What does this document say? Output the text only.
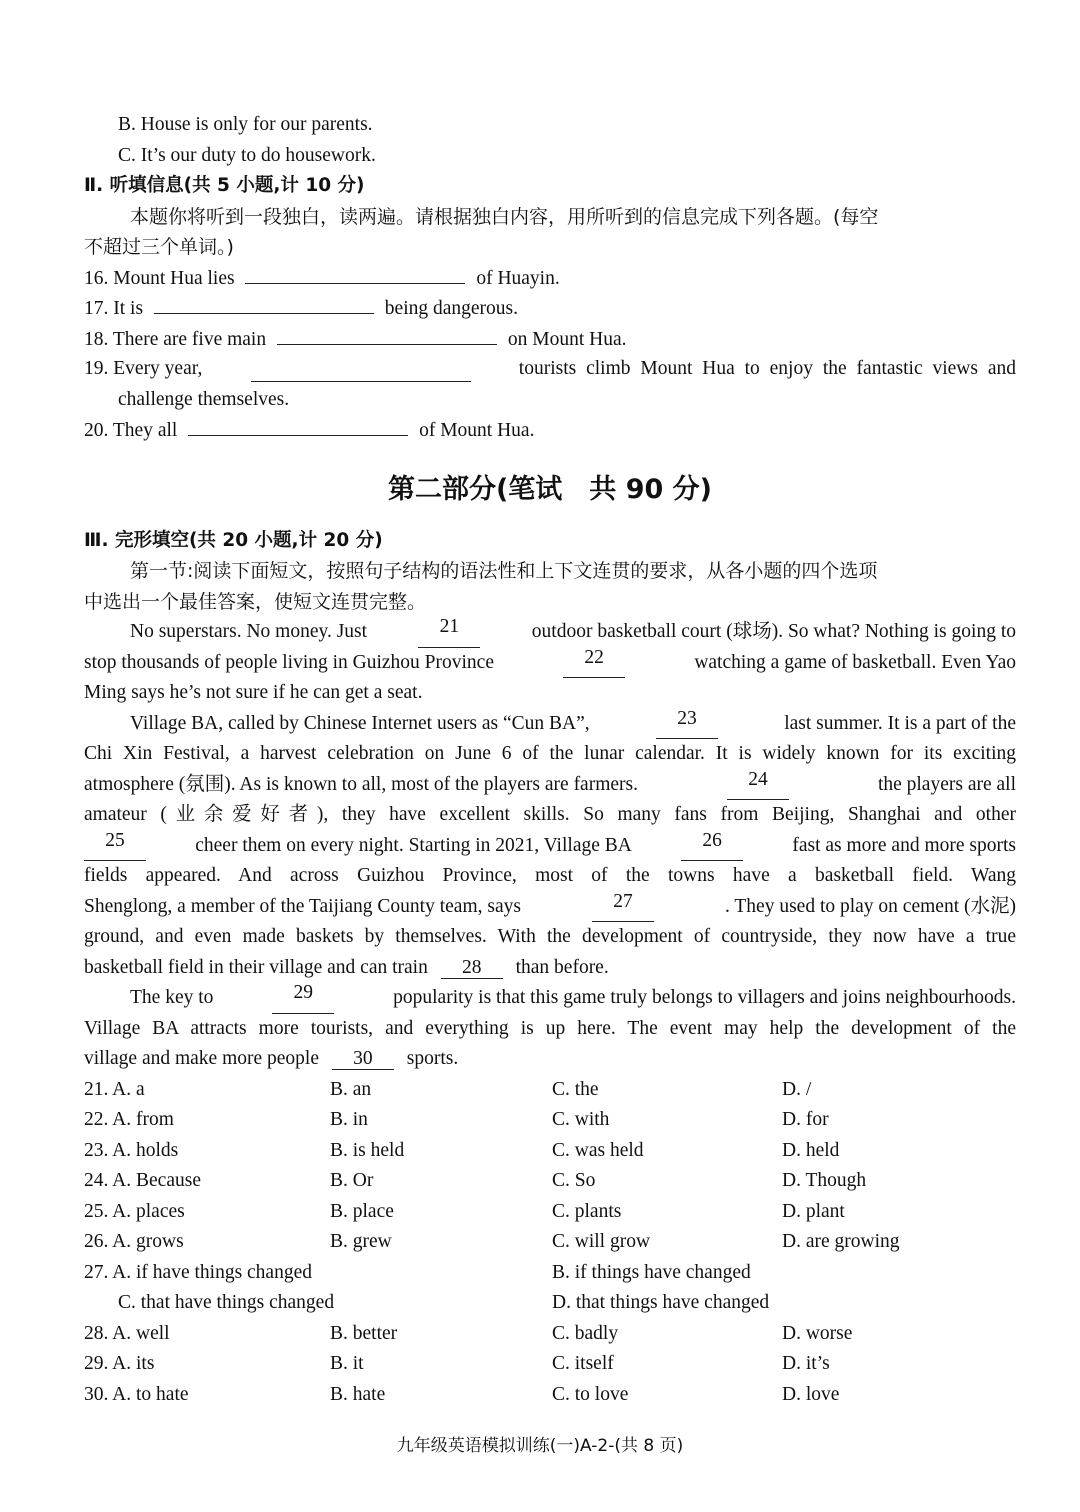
B. House is only for our parents.
C. It’s our duty to do housework.
Ⅱ. 听填信息(共 5 小题,计 10 分)
本题你将听到一段独白，读两遍。请根据独白内容，用所听到的信息完成下列各题。(每空
不超过三个单词。)
16. Mount Hua lies	of Huayin.
17. It is	being dangerous.
18. There are five main	on Mount Hua.
19. Every year,	tourists climb Mount Hua to enjoy the fantastic views and
challenge themselves.
20. They all	of Mount Hua.
第二部分(笔试　共 90 分)
Ⅲ. 完形填空(共 20 小题,计 20 分)
第一节:阅读下面短文，按照句子结构的语法性和上下文连贯的要求，从各小题的四个选项
中选出一个最佳答案，使短文连贯完整。
No superstars. No money. Just	21	outdoor basketball court (球场). So what? Nothing is going to
stop thousands of people living in Guizhou Province	22	watching a game of basketball. Even Yao
Ming says he’s not sure if he can get a seat.
Village BA, called by Chinese Internet users as “Cun BA”,	23	last summer. It is a part of the
Chi Xin Festival, a harvest celebration on June 6 of the lunar calendar. It is widely known for its exciting
atmosphere (氛围). As is known to all, most of the players are farmers.	24	the players are all
amateur (业余爱好者), they have excellent skills. So many fans from Beijing, Shanghai and other
25	cheer them on every night. Starting in 2021, Village BA	26	fast as more and more sports
fields appeared. And across Guizhou Province, most of the towns have a basketball field. Wang
Shenglong, a member of the Taijiang County team, says	27	. They used to play on cement (水泥)
ground, and even made baskets by themselves. With the development of countryside, they now have a true
basketball field in their village and can train 28 than before.
The key to	29	popularity is that this game truly belongs to villagers and joins neighbourhoods.
Village BA attracts more tourists, and everything is up here. The event may help the development of the
village and make more people 30 sports.
21. A. a	B. an	C. the	D. /
22. A. from	B. in	C. with	D. for
23. A. holds	B. is held	C. was held	D. held
24. A. Because	B. Or	C. So	D. Though
25. A. places	B. place	C. plants	D. plant
26. A. grows	B. grew	C. will grow	D. are growing
27. A. if have things changed	B. if things have changed
C. that have things changed	D. that things have changed
28. A. well	B. better	C. badly	D. worse
29. A. its	B. it	C. itself	D. it’s
30. A. to hate	B. hate	C. to love	D. love
九年级英语模拟训练(一)A-2-(共 8 页)
